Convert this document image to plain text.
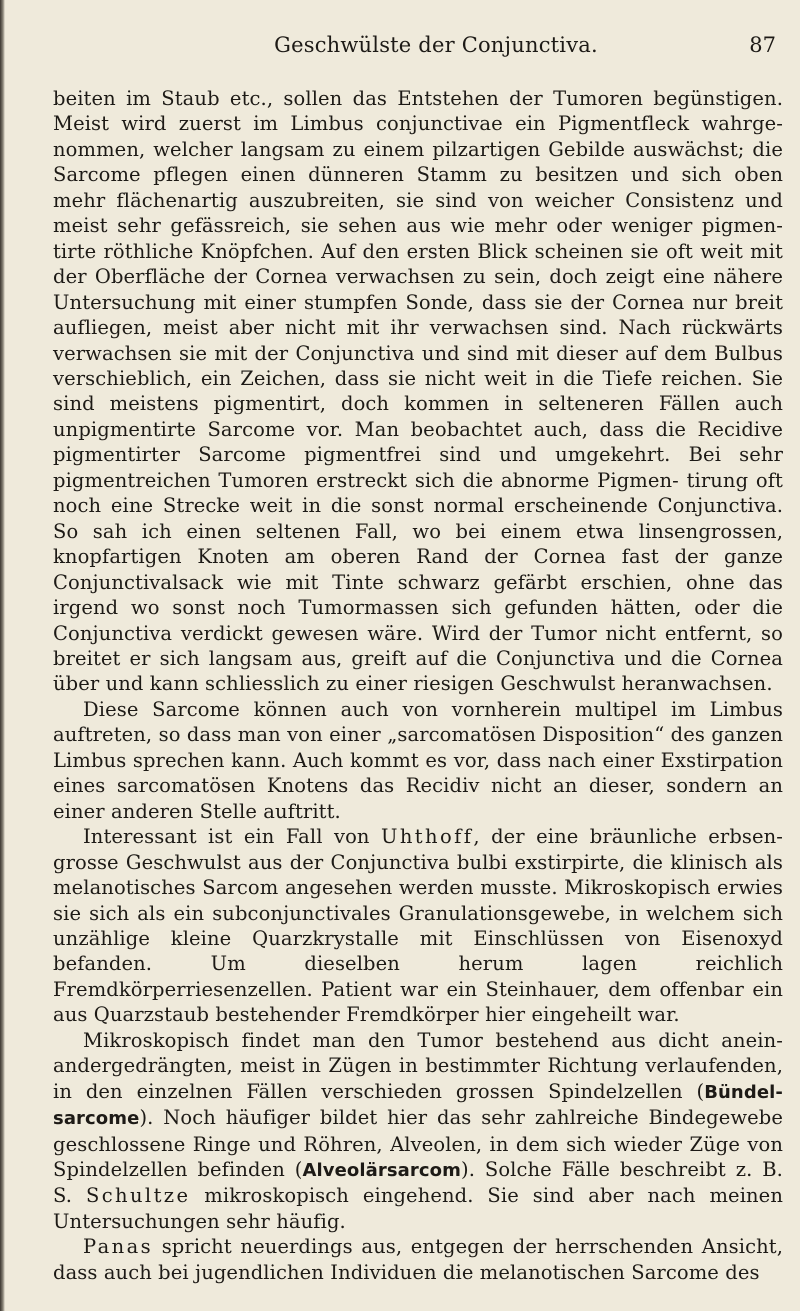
Geschwülste der Conjunctiva.	87

beiten im Staub etc., sollen das Entstehen der Tumoren begünstigen. Meist wird zuerst im Limbus conjunctivae ein Pigmentfleck wahrge- nommen, welcher langsam zu einem pilzartigen Gebilde auswächst; die Sarcome pflegen einen dünneren Stamm zu besitzen und sich oben mehr flächenartig auszubreiten, sie sind von weicher Consistenz und meist sehr gefässreich, sie sehen aus wie mehr oder weniger pigmen- tirte röthliche Knöpfchen. Auf den ersten Blick scheinen sie oft weit mit der Oberfläche der Cornea verwachsen zu sein, doch zeigt eine nähere Untersuchung mit einer stumpfen Sonde, dass sie der Cornea nur breit aufliegen, meist aber nicht mit ihr verwachsen sind. Nach rückwärts verwachsen sie mit der Conjunctiva und sind mit dieser auf dem Bulbus verschieblich, ein Zeichen, dass sie nicht weit in die Tiefe reichen. Sie sind meistens pigmentirt, doch kommen in selteneren Fällen auch unpigmentirte Sarcome vor. Man beobachtet auch, dass die Recidive pigmentirter Sarcome pigmentfrei sind und umgekehrt. Bei sehr pigmentreichen Tumoren erstreckt sich die abnorme Pigmen- tirung oft noch eine Strecke weit in die sonst normal erscheinende Conjunctiva. So sah ich einen seltenen Fall, wo bei einem etwa linsengrossen, knopfartigen Knoten am oberen Rand der Cornea fast der ganze Conjunctivalsack wie mit Tinte schwarz gefärbt erschien, ohne das irgend wo sonst noch Tumormassen sich gefunden hätten, oder die Conjunctiva verdickt gewesen wäre. Wird der Tumor nicht entfernt, so breitet er sich langsam aus, greift auf die Conjunctiva und die Cornea über und kann schliesslich zu einer riesigen Geschwulst heranwachsen.

Diese Sarcome können auch von vornherein multipel im Limbus auftreten, so dass man von einer „sarcomatösen Disposition“ des ganzen Limbus sprechen kann. Auch kommt es vor, dass nach einer Exstirpation eines sarcomatösen Knotens das Recidiv nicht an dieser, sondern an einer anderen Stelle auftritt.

Interessant ist ein Fall von Uhthoff, der eine bräunliche erbsen- grosse Geschwulst aus der Conjunctiva bulbi exstirpirte, die klinisch als melanotisches Sarcom angesehen werden musste. Mikroskopisch erwies sie sich als ein subconjunctivales Granulationsgewebe, in welchem sich unzählige kleine Quarzkrystalle mit Einschlüssen von Eisenoxyd befanden. Um dieselben herum lagen reichlich Fremdkörperriesenzellen. Patient war ein Steinhauer, dem offenbar ein aus Quarzstaub bestehender Fremdkörper hier eingeheilt war.

Mikroskopisch findet man den Tumor bestehend aus dicht anein- andergedrängten, meist in Zügen in bestimmter Richtung verlaufenden, in den einzelnen Fällen verschieden grossen Spindelzellen (Bündel- sarcome). Noch häufiger bildet hier das sehr zahlreiche Bindegewebe geschlossene Ringe und Röhren, Alveolen, in dem sich wieder Züge von Spindelzellen befinden (Alveolärsarcom). Solche Fälle beschreibt z. B. S. Schultze mikroskopisch eingehend. Sie sind aber nach meinen Untersuchungen sehr häufig.

Panas spricht neuerdings aus, entgegen der herrschenden Ansicht, dass auch bei jugendlichen Individuen die melanotischen Sarcome des
